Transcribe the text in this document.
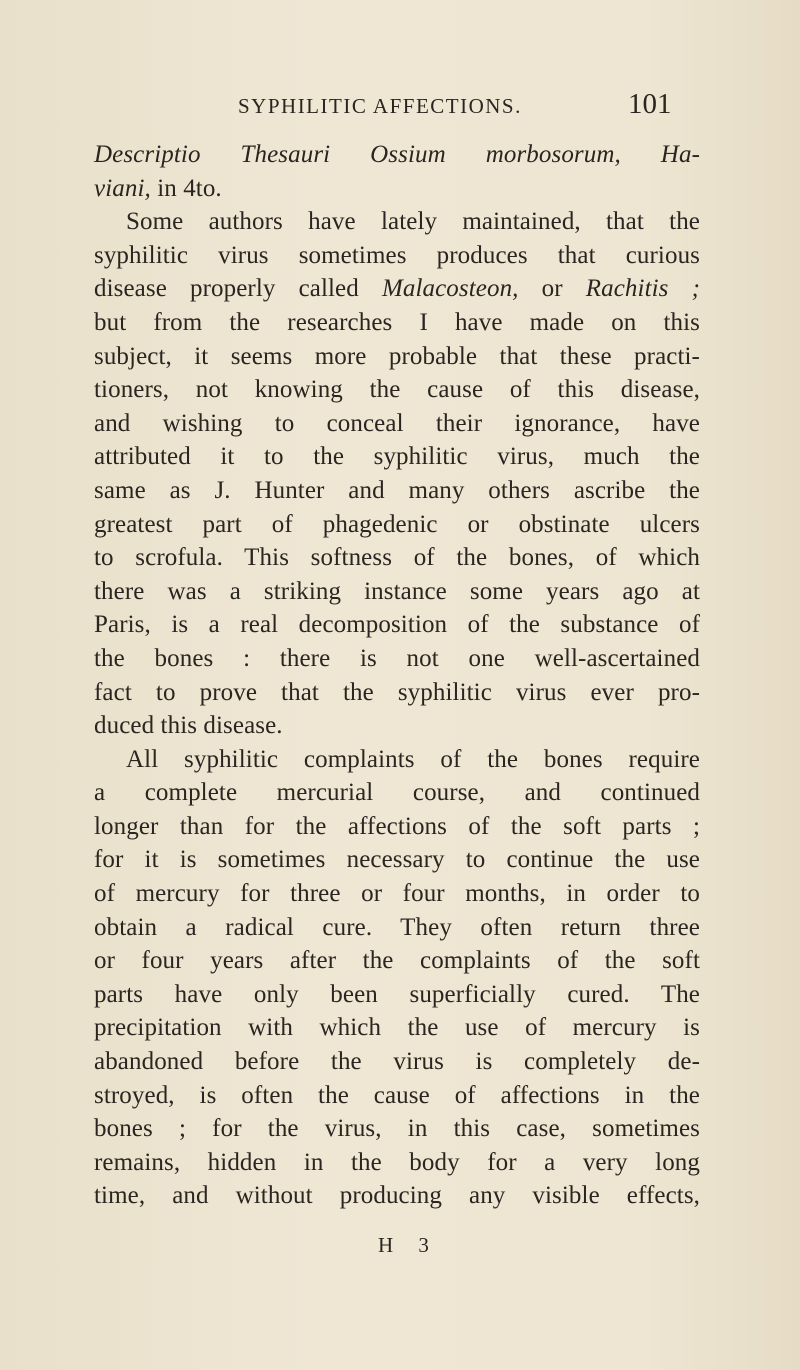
SYPHILITIC AFFECTIONS.	101
Descriptio Thesauri Ossium morbosorum, Ha-
viani, in 4to.
Some authors have lately maintained, that the
syphilitic virus sometimes produces that curious
disease properly called Malacosteon, or Rachitis ;
but from the researches I have made on this
subject, it seems more probable that these practi-
tioners, not knowing the cause of this disease,
and wishing to conceal their ignorance, have
attributed it to the syphilitic virus, much the
same as J. Hunter and many others ascribe the
greatest part of phagedenic or obstinate ulcers
to scrofula. This softness of the bones, of which
there was a striking instance some years ago at
Paris, is a real decomposition of the substance of
the bones : there is not one well-ascertained
fact to prove that the syphilitic virus ever pro-
duced this disease.
All syphilitic complaints of the bones require
a complete mercurial course, and continued
longer than for the affections of the soft parts ;
for it is sometimes necessary to continue the use
of mercury for three or four months, in order to
obtain a radical cure. They often return three
or four years after the complaints of the soft
parts have only been superficially cured. The
precipitation with which the use of mercury is
abandoned before the virus is completely de-
stroyed, is often the cause of affections in the
bones ; for the virus, in this case, sometimes
remains, hidden in the body for a very long
time, and without producing any visible effects,
H 3
